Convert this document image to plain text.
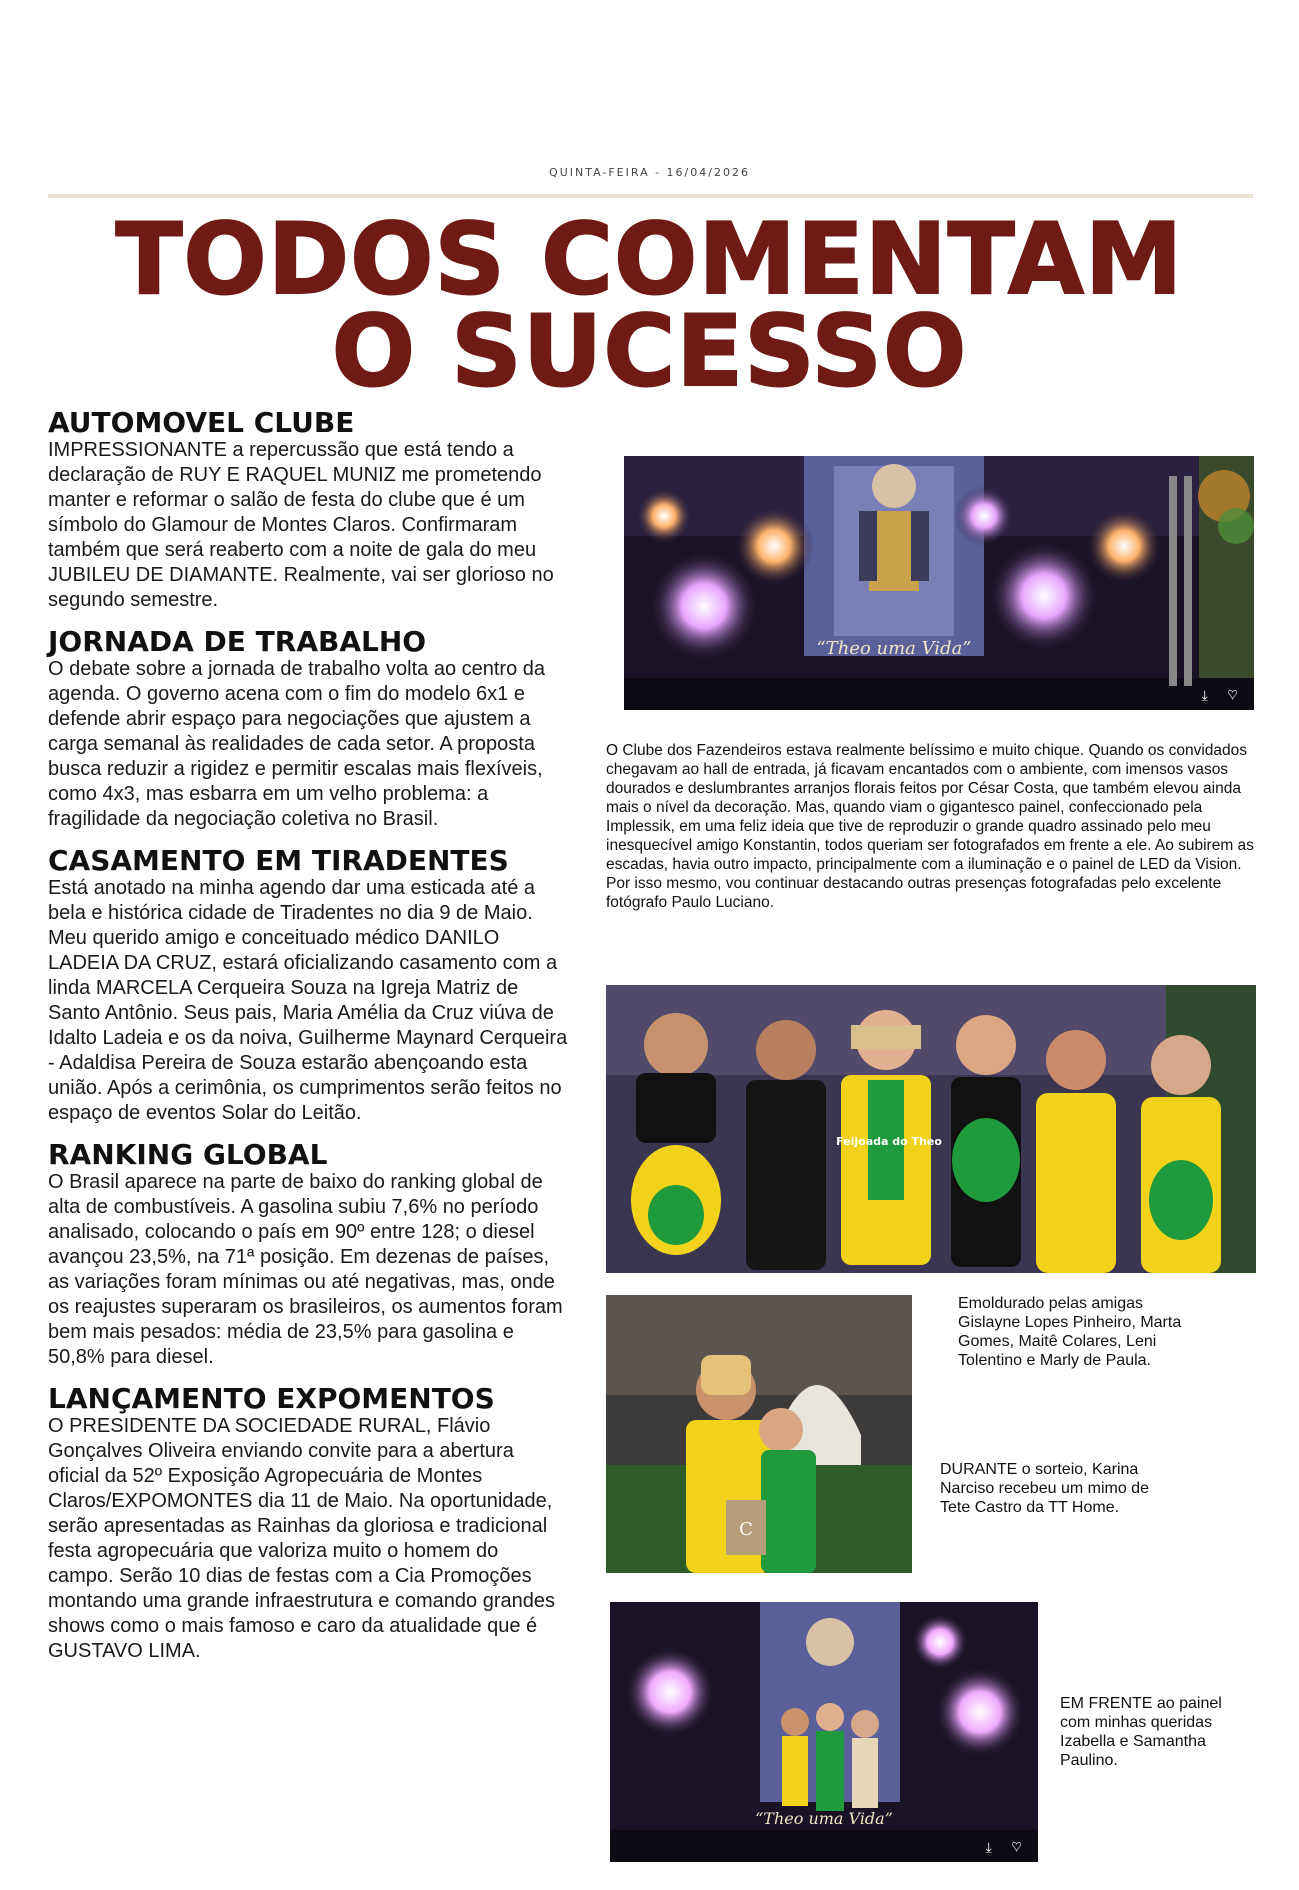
QUINTA-FEIRA - 16/04/2026
TODOS COMENTAM
O SUCESSO
AUTOMOVEL CLUBE

IMPRESSIONANTE a repercussão que está tendo a declaração de RUY E RAQUEL MUNIZ me prometendo manter e reformar o salão de festa do clube que é um símbolo do Glamour de Montes Claros. Confirmaram também que será reaberto com a noite de gala do meu JUBILEU DE DIAMANTE. Realmente, vai ser glorioso no segundo semestre.

JORNADA DE TRABALHO

O debate sobre a jornada de trabalho volta ao centro da agenda. O governo acena com o fim do modelo 6x1 e defende abrir espaço para negociações que ajustem a carga semanal às realidades de cada setor. A proposta busca reduzir a rigidez e permitir escalas mais flexíveis, como 4x3, mas esbarra em um velho problema: a fragilidade da negociação coletiva no Brasil.

CASAMENTO EM TIRADENTES

Está anotado na minha agendo dar uma esticada até a bela e histórica cidade de Tiradentes no dia 9 de Maio. Meu querido amigo e conceituado médico DANILO LADEIA DA CRUZ, estará oficializando casamento com a linda MARCELA Cerqueira Souza na Igreja Matriz de Santo Antônio. Seus pais, Maria Amélia da Cruz viúva de Idalto Ladeia e os da noiva, Guilherme Maynard Cerqueira - Adaldisa Pereira de Souza estarão abençoando esta união. Após a cerimônia, os cumprimentos serão feitos no espaço de eventos Solar do Leitão.

RANKING GLOBAL

O Brasil aparece na parte de baixo do ranking global de alta de combustíveis. A gasolina subiu 7,6% no período analisado, colocando o país em 90º entre 128; o diesel avançou 23,5%, na 71ª posição. Em dezenas de países, as variações foram mínimas ou até negativas, mas, onde os reajustes superaram os brasileiros, os aumentos foram bem mais pesados: média de 23,5% para gasolina e 50,8% para diesel.

LANÇAMENTO EXPOMENTOS

O PRESIDENTE DA SOCIEDADE RURAL, Flávio Gonçalves Oliveira enviando convite para a abertura oficial da 52º Exposição Agropecuária de Montes Claros/EXPOMONTES dia 11 de Maio. Na oportunidade, serão apresentadas as Rainhas da gloriosa e tradicional festa agropecuária que valoriza muito o homem do campo. Serão 10 dias de festas com a Cia Promoções montando uma grande infraestrutura e comando grandes shows como o mais famoso e caro da atualidade que é GUSTAVO LIMA.

“Theo uma Vida”
⤓ ♡
O Clube dos Fazendeiros estava realmente belíssimo e muito chique. Quando os convidados chegavam ao hall de entrada, já ficavam encantados com o ambiente, com imensos vasos dourados e deslumbrantes arranjos florais feitos por César Costa, que também elevou ainda mais o nível da decoração. Mas, quando viam o gigantesco painel, confeccionado pela Implessik, em uma feliz ideia que tive de reproduzir o grande quadro assinado pelo meu inesquecível amigo Konstantin, todos queriam ser fotografados em frente a ele. Ao subirem as escadas, havia outro impacto, principalmente com a iluminação e o painel de LED da Vision. Por isso mesmo, vou continuar destacando outras presenças fotografadas pelo excelente fotógrafo Paulo Luciano.
Feijoada do Theo
Emoldurado pelas amigas Gislayne Lopes Pinheiro, Marta Gomes, Maitê Colares, Leni Tolentino e Marly de Paula.
C
DURANTE o sorteio, Karina Narciso recebeu um mimo de Tete Castro da TT Home.
“Theo uma Vida”
⤓ ♡
EM FRENTE ao painel com minhas queridas Izabella e Samantha Paulino.
